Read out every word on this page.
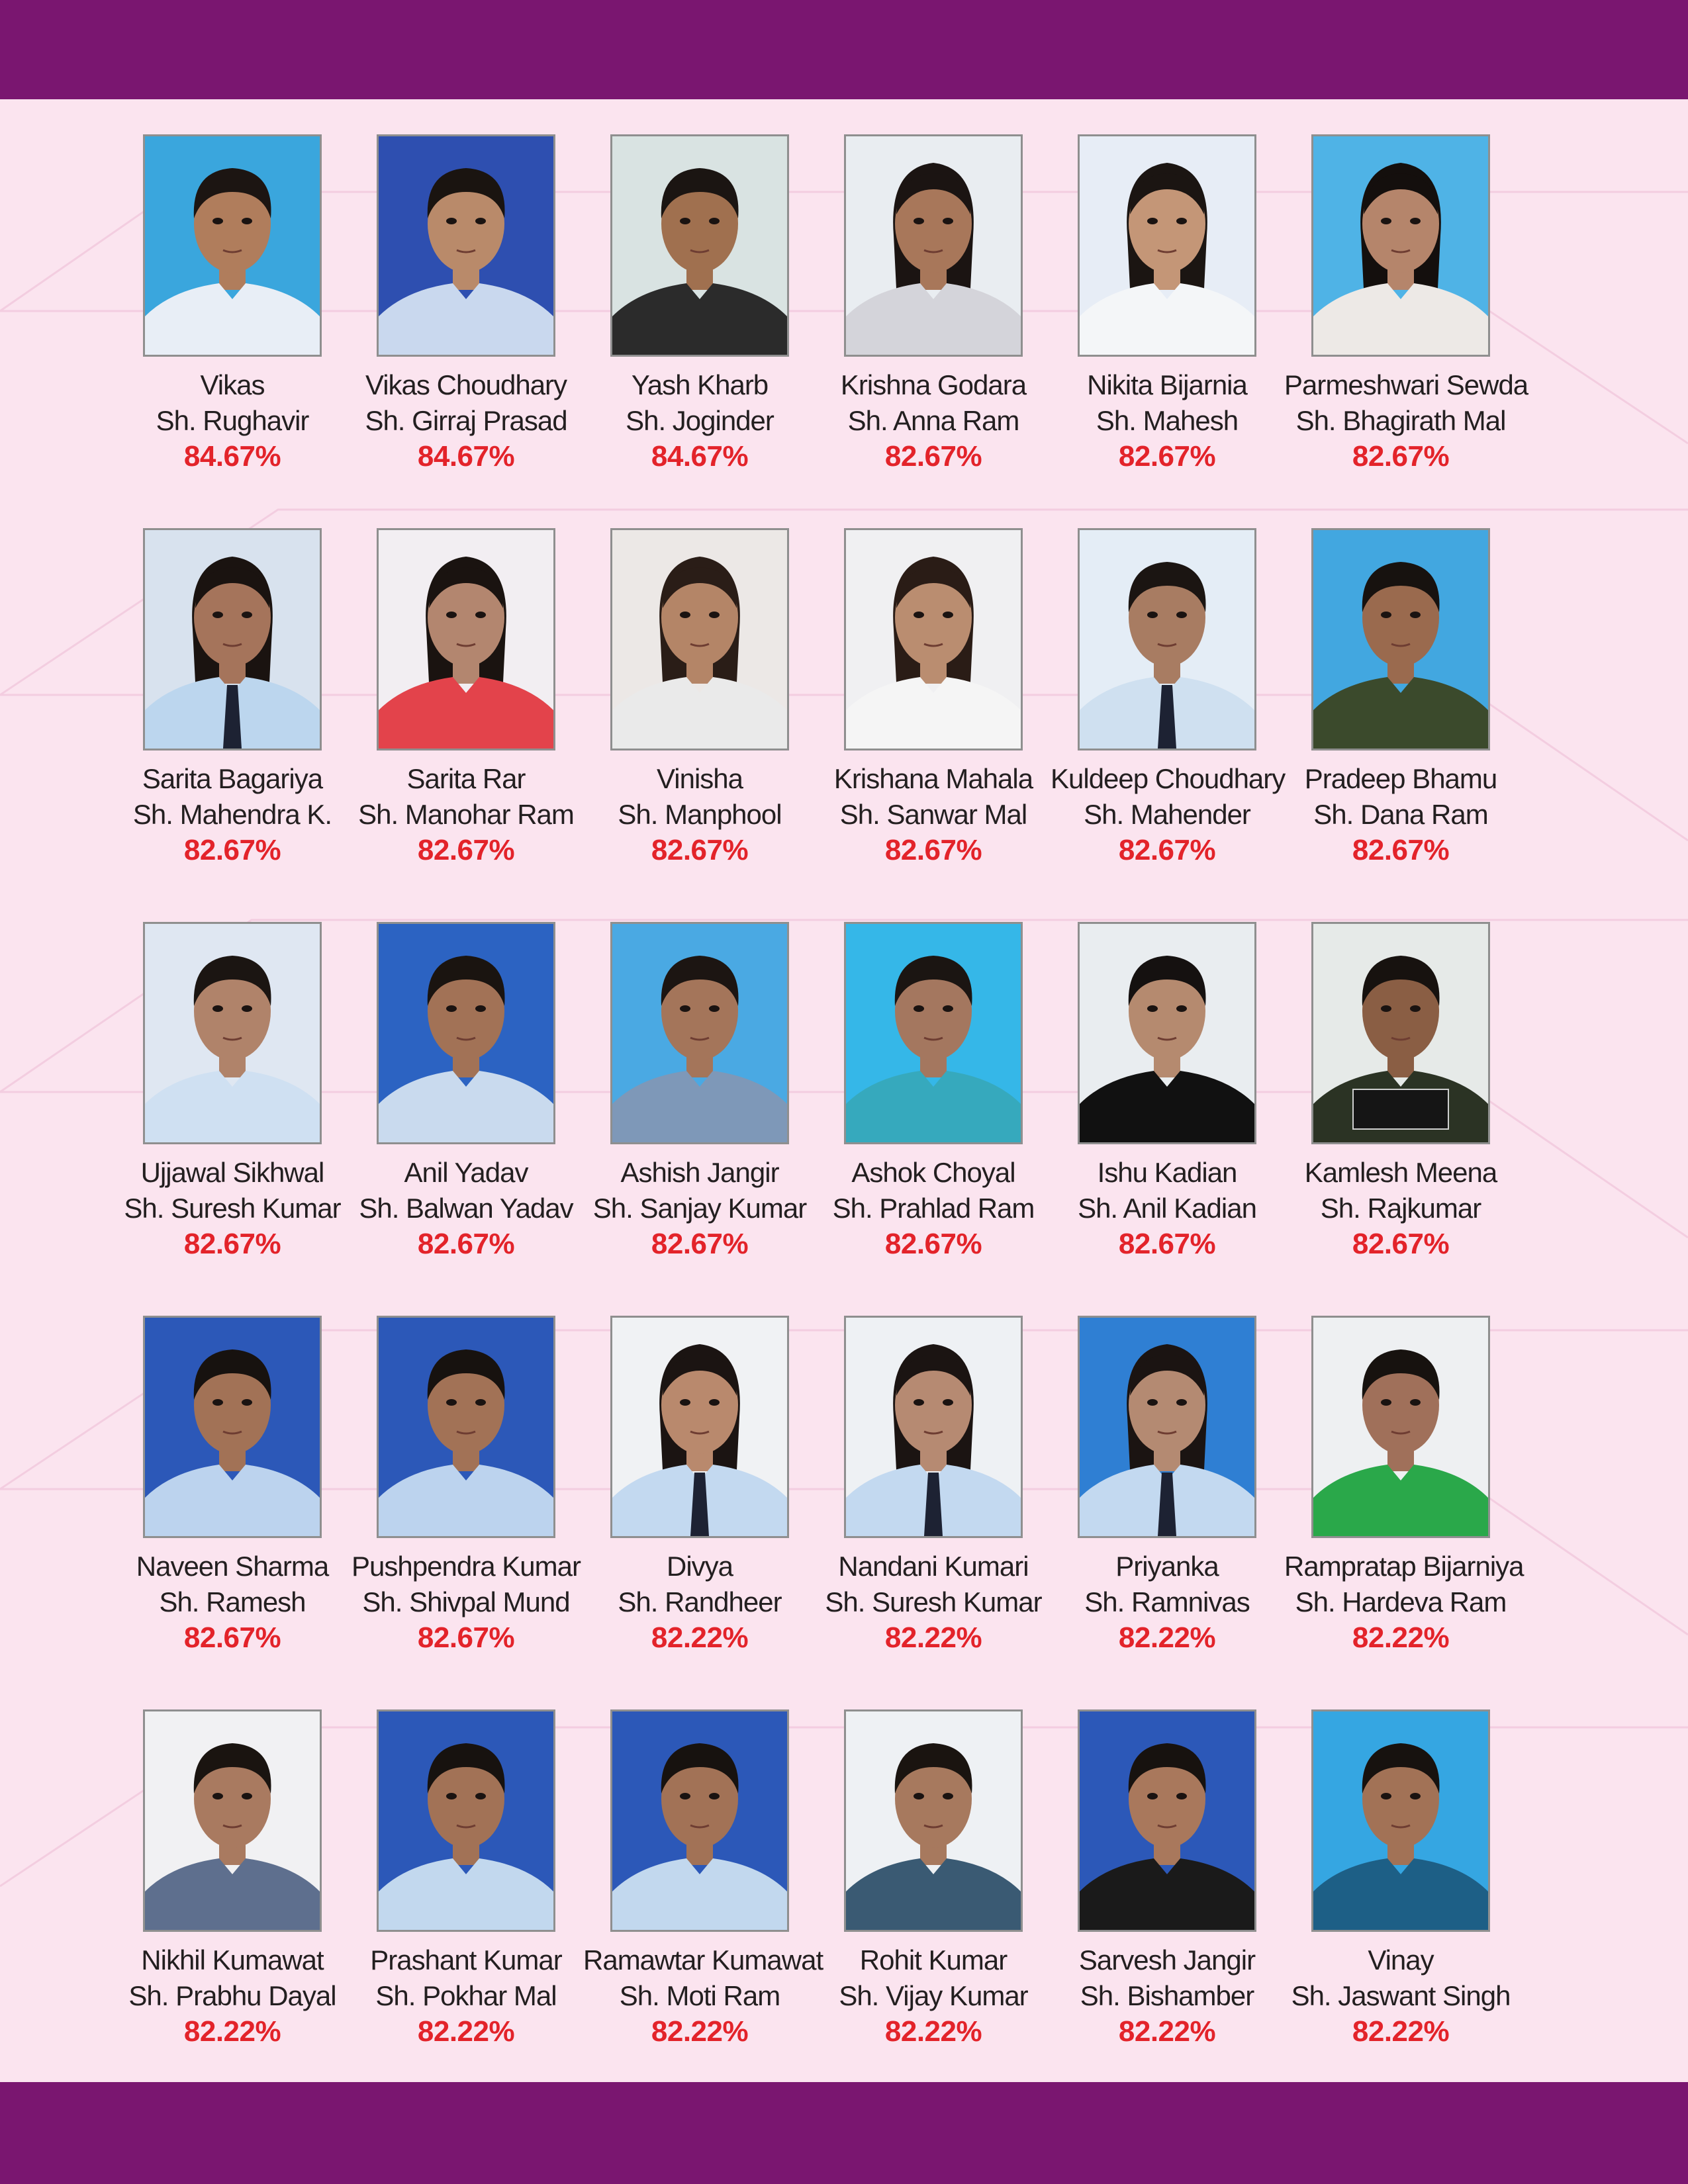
Vikas
Sh. Rughavir
84.67%
Vikas Choudhary
Sh. Girraj Prasad
84.67%
Yash Kharb
Sh. Joginder
84.67%
Krishna Godara
Sh. Anna Ram
82.67%
Nikita Bijarnia
Sh. Mahesh
82.67%
Parmeshwari Sewda
Sh. Bhagirath Mal
82.67%
Sarita Bagariya
Sh. Mahendra K.
82.67%
Sarita Rar
Sh. Manohar Ram
82.67%
Vinisha
Sh. Manphool
82.67%
Krishana Mahala
Sh. Sanwar Mal
82.67%
Kuldeep Choudhary
Sh. Mahender
82.67%
Pradeep Bhamu
Sh. Dana Ram
82.67%
Ujjawal Sikhwal
Sh. Suresh Kumar
82.67%
Anil Yadav
Sh. Balwan Yadav
82.67%
Ashish Jangir
Sh. Sanjay Kumar
82.67%
Ashok Choyal
Sh. Prahlad Ram
82.67%
Ishu Kadian
Sh. Anil Kadian
82.67%
Kamlesh Meena
Sh. Rajkumar
82.67%
Naveen Sharma
Sh. Ramesh
82.67%
Pushpendra Kumar
Sh. Shivpal Mund
82.67%
Divya
Sh. Randheer
82.22%
Nandani Kumari
Sh. Suresh Kumar
82.22%
Priyanka
Sh. Ramnivas
82.22%
Rampratap Bijarniya
Sh. Hardeva Ram
82.22%
Nikhil Kumawat
Sh. Prabhu Dayal
82.22%
Prashant Kumar
Sh. Pokhar Mal
82.22%
Ramawtar Kumawat
Sh. Moti Ram
82.22%
Rohit Kumar
Sh. Vijay Kumar
82.22%
Sarvesh Jangir
Sh. Bishamber
82.22%
Vinay
Sh. Jaswant Singh
82.22%
